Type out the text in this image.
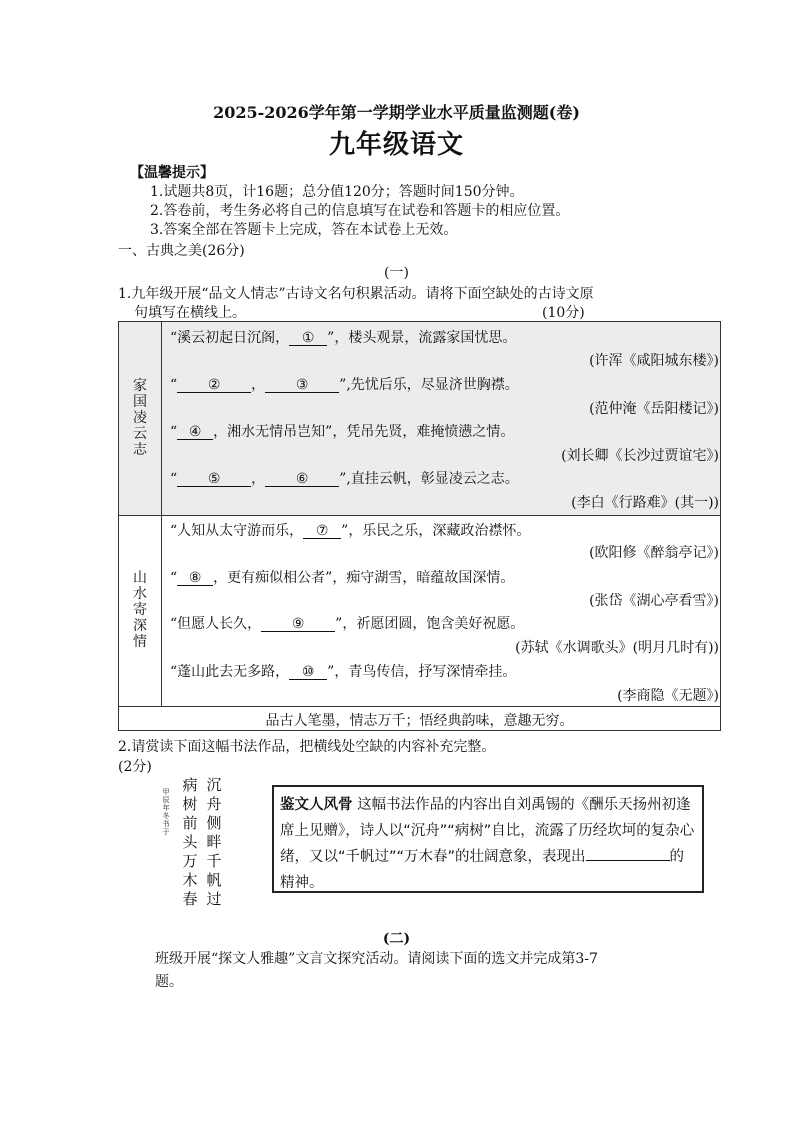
2025-2026学年第一学期学业水平质量监测题(卷)
九年级语文
【温馨提示】
1.试题共8页，计16题；总分值120分；答题时间150分钟。
2.答卷前，考生务必将自己的信息填写在试卷和答题卡的相应位置。
3.答案全部在答题卡上完成，答在本试卷上无效。
一、古典之美(26分)
(一)
1.九年级开展“品文人情志”古诗文名句积累活动。请将下面空缺处的古诗文原
句填写在横线上。	(10分)
家国凌云志
山水寄深情
“溪云初起日沉阁， ① ”，楼头观景，流露家国忧思。
(许浑《咸阳城东楼》)
“ ② ， ③ ”,先忧后乐，尽显济世胸襟。
(范仲淹《岳阳楼记》)
“ ④ ，湘水无情吊岂知”，凭吊先贤，难掩愤懑之情。
(刘长卿《长沙过贾谊宅》)
“ ⑤ ， ⑥ ”,直挂云帆，彰显凌云之志。
(李白《行路难》(其一))
“人知从太守游而乐， ⑦ ”，乐民之乐，深藏政治襟怀。
(欧阳修《醉翁亭记》)
“ ⑧ ，更有痴似相公者”，痴守湖雪，暗蕴故国深情。
(张岱《湖心亭看雪》)
“但愿人长久， ⑨ ”，祈愿团圆，饱含美好祝愿。
(苏轼《水调歌头》(明月几时有))
“蓬山此去无多路， ⑩ ”，青鸟传信，抒写深情牵挂。
(李商隐《无题》)
品古人笔墨，情志万千；悟经典韵味，意趣无穷。
2.请赏读下面这幅书法作品，把横线处空缺的内容补充完整。
(2分)
沉舟侧畔千帆过
病树前头万木春
甲辰年冬书于
鉴文人风骨 这幅书法作品的内容出自刘禹锡的《酬乐天扬州初逢席上见赠》，诗人以“沉舟”“病树”自比，流露了历经坎坷的复杂心绪，又以“千帆过”“万木春”的壮阔意象，表现出	的精神。
(二)
班级开展“探文人雅趣”文言文探究活动。请阅读下面的选文并完成第3-7
题。
